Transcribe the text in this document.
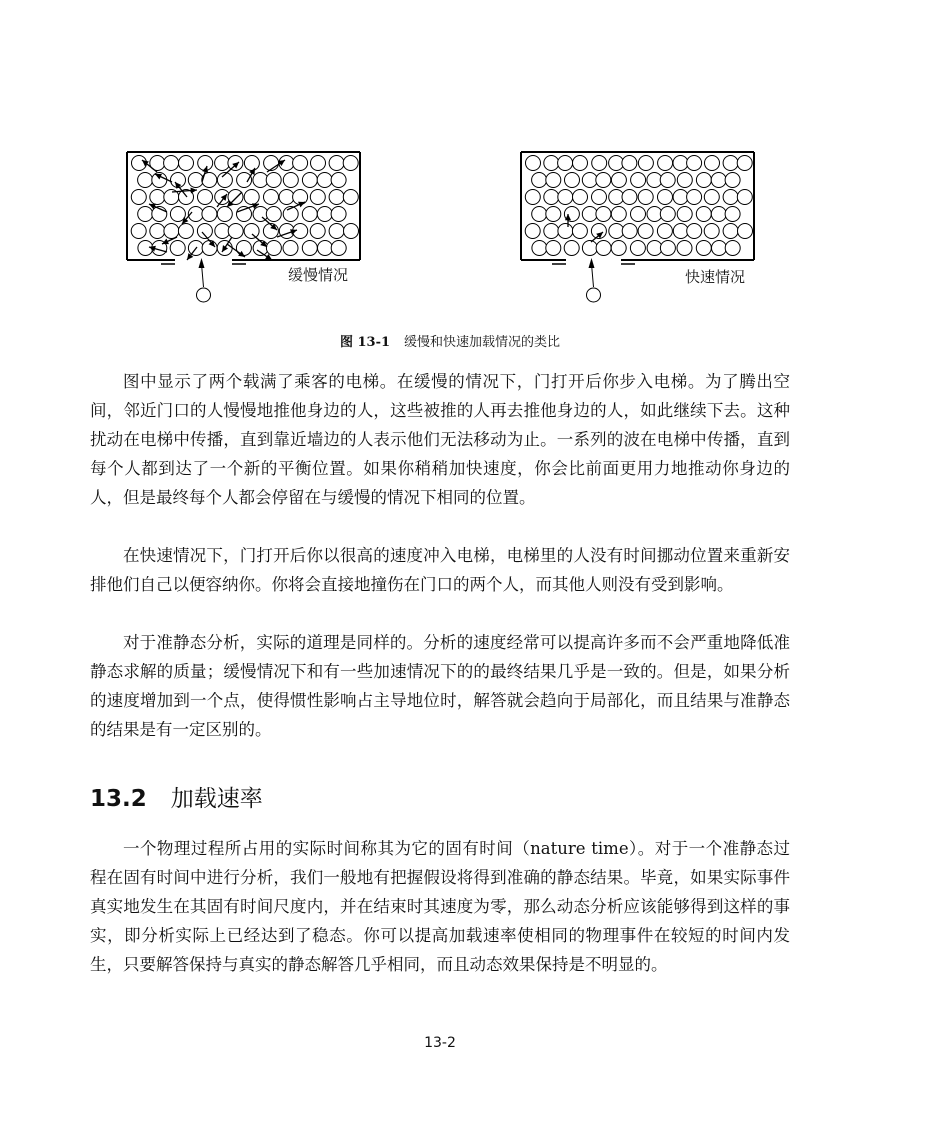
缓慢情况	快速情况
图 13-1 缓慢和快速加载情况的类比

图中显示了两个载满了乘客的电梯。在缓慢的情况下，门打开后你步入电梯。为了腾出空间，邻近门口的人慢慢地推他身边的人，这些被推的人再去推他身边的人，如此继续下去。这种扰动在电梯中传播，直到靠近墙边的人表示他们无法移动为止。一系列的波在电梯中传播，直到每个人都到达了一个新的平衡位置。如果你稍稍加快速度，你会比前面更用力地推动你身边的人，但是最终每个人都会停留在与缓慢的情况下相同的位置。

在快速情况下，门打开后你以很高的速度冲入电梯，电梯里的人没有时间挪动位置来重新安排他们自己以便容纳你。你将会直接地撞伤在门口的两个人，而其他人则没有受到影响。

对于准静态分析，实际的道理是同样的。分析的速度经常可以提高许多而不会严重地降低准静态求解的质量；缓慢情况下和有一些加速情况下的的最终结果几乎是一致的。但是，如果分析的速度增加到一个点，使得惯性影响占主导地位时，解答就会趋向于局部化，而且结果与准静态的结果是有一定区别的。

13.2 加载速率

一个物理过程所占用的实际时间称其为它的固有时间（nature time）。对于一个准静态过程在固有时间中进行分析，我们一般地有把握假设将得到准确的静态结果。毕竟，如果实际事件真实地发生在其固有时间尺度内，并在结束时其速度为零，那么动态分析应该能够得到这样的事实，即分析实际上已经达到了稳态。你可以提高加载速率使相同的物理事件在较短的时间内发生，只要解答保持与真实的静态解答几乎相同，而且动态效果保持是不明显的。

13-2
